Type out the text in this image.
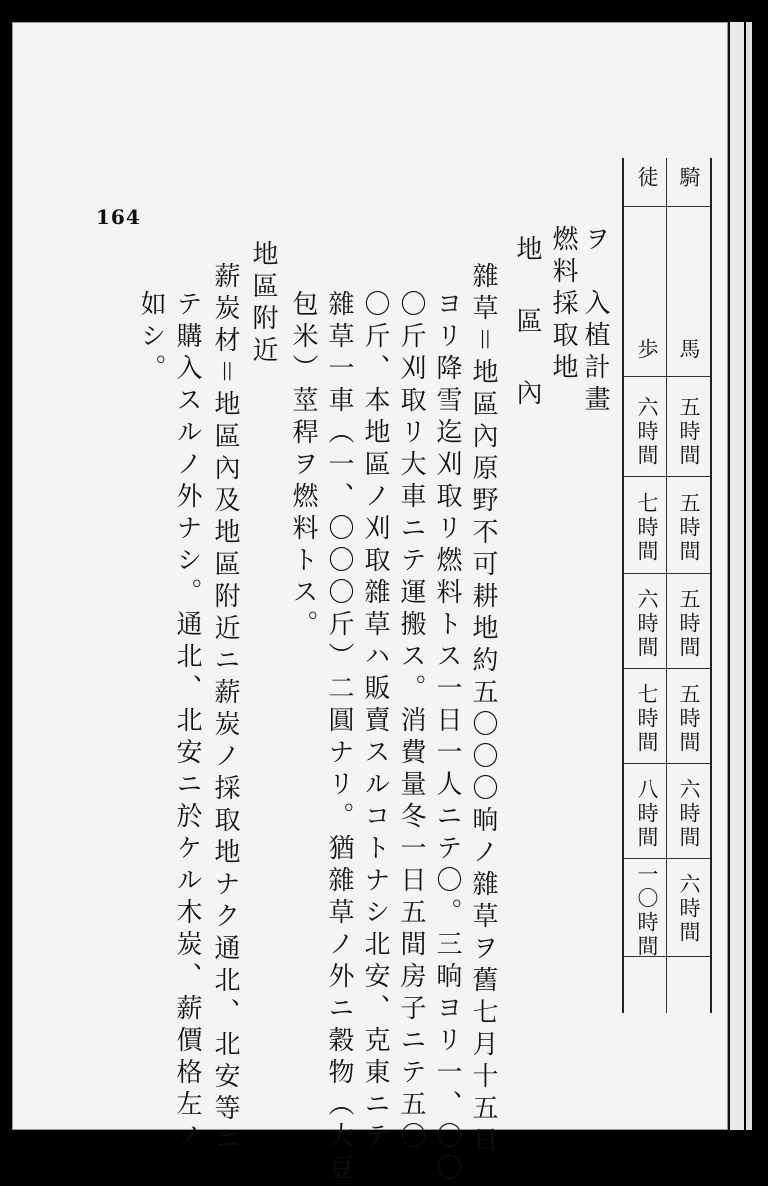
164
騎
徒
馬
歩
五時間
六時間
五時間
七時間
五時間
六時間
五時間
七時間
六時間
八時間
六時間
一〇時間
ヲ　入植計畫
燃料採取地
地　區　內
雜草＝地區內原野不可耕地約五〇〇〇晌ノ雜草ヲ舊七月十五日
ヨリ降雪迄刈取リ燃料トス一日一人ニテ〇。三晌ヨリ一、〇〇
〇斤刈取リ大車ニテ運搬ス。消費量冬一日五間房子ニテ五〇
〇斤、本地區ノ刈取雜草ハ販賣スルコトナシ北安、克東ニテ
雜草一車（一、〇〇〇斤）二圓ナリ。猶雜草ノ外ニ穀物（大豆
包米）莖稈ヲ燃料トス。
地區附近
薪炭材＝地區內及地區附近ニ薪炭ノ採取地ナク通北、北安等ニ
テ購入スルノ外ナシ。通北、北安ニ於ケル木炭、薪價格左ノ
如シ。
